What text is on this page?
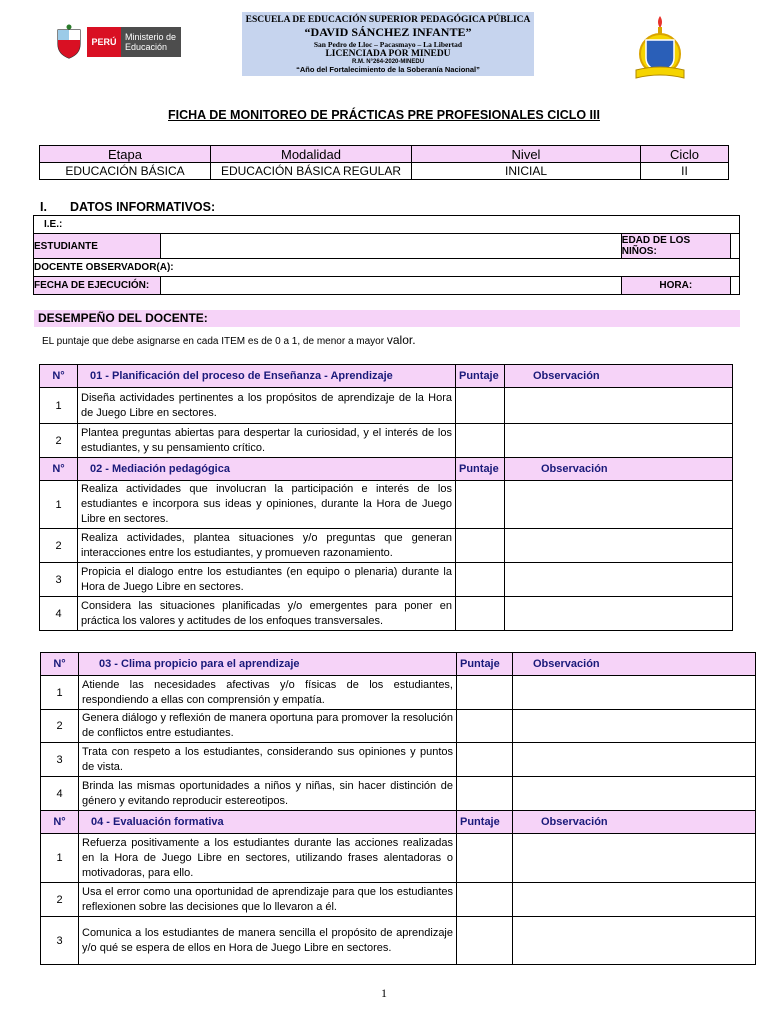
PERÚ Ministerio de Educación
ESCUELA DE EDUCACIÓN SUPERIOR PEDAGÓGICA PÚBLICA
“DAVID SÁNCHEZ INFANTE”
San Pedro de Lloc – Pacasmayo – La Libertad
LICENCIADA POR MINEDU
R.M. N°264-2020-MINEDU
“Año del Fortalecimiento de la Soberanía Nacional”
FICHA DE MONITOREO DE PRÁCTICAS PRE PROFESIONALES CICLO III
Etapa	Modalidad	Nivel	Ciclo
EDUCACIÓN BÁSICA	EDUCACIÓN BÁSICA REGULAR	INICIAL	II
I. DATOS INFORMATIVOS:
I.E.:			
ESTUDIANTE		EDAD DE LOS NIÑOS:	
DOCENTE OBSERVADOR(A):			
FECHA DE EJECUCIÓN:		HORA:	
DESEMPEÑO DEL DOCENTE:
EL puntaje que debe asignarse en cada ITEM es de 0 a 1, de menor a mayor valor.
N°	01 - Planificación del proceso de Enseñanza - Aprendizaje	Puntaje	Observación
1	Diseña actividades pertinentes a los propósitos de aprendizaje de la Hora de Juego Libre en sectores.		
2	Plantea preguntas abiertas para despertar la curiosidad, y el interés de los estudiantes, y su pensamiento crítico.		
N°	02 - Mediación pedagógica	Puntaje	Observación
1	Realiza actividades que involucran la participación e interés de los estudiantes e incorpora sus ideas y opiniones, durante la Hora de Juego Libre en sectores.		
2	Realiza actividades, plantea situaciones y/o preguntas que generan interacciones entre los estudiantes, y promueven razonamiento.		
3	Propicia el dialogo entre los estudiantes (en equipo o plenaria) durante la Hora de Juego Libre en sectores.		
4	Considera las situaciones planificadas y/o emergentes para poner en práctica los valores y actitudes de los enfoques transversales.		
N°	03 - Clima propicio para el aprendizaje	Puntaje	Observación
1	Atiende las necesidades afectivas y/o físicas de los estudiantes, respondiendo a ellas con comprensión y empatía.		
2	Genera diálogo y reflexión de manera oportuna para promover la resolución de conflictos entre estudiantes.		
3	Trata con respeto a los estudiantes, considerando sus opiniones y puntos de vista.		
4	Brinda las mismas oportunidades a niños y niñas, sin hacer distinción de género y evitando reproducir estereotipos.		
N°	04 - Evaluación formativa	Puntaje	Observación
1	Refuerza positivamente a los estudiantes durante las acciones realizadas en la Hora de Juego Libre en sectores, utilizando frases alentadoras o motivadoras, para ello.		
2	Usa el error como una oportunidad de aprendizaje para que los estudiantes reflexionen sobre las decisiones que lo llevaron a él.		
3	Comunica a los estudiantes de manera sencilla el propósito de aprendizaje y/o qué se espera de ellos en Hora de Juego Libre en sectores.		
1
